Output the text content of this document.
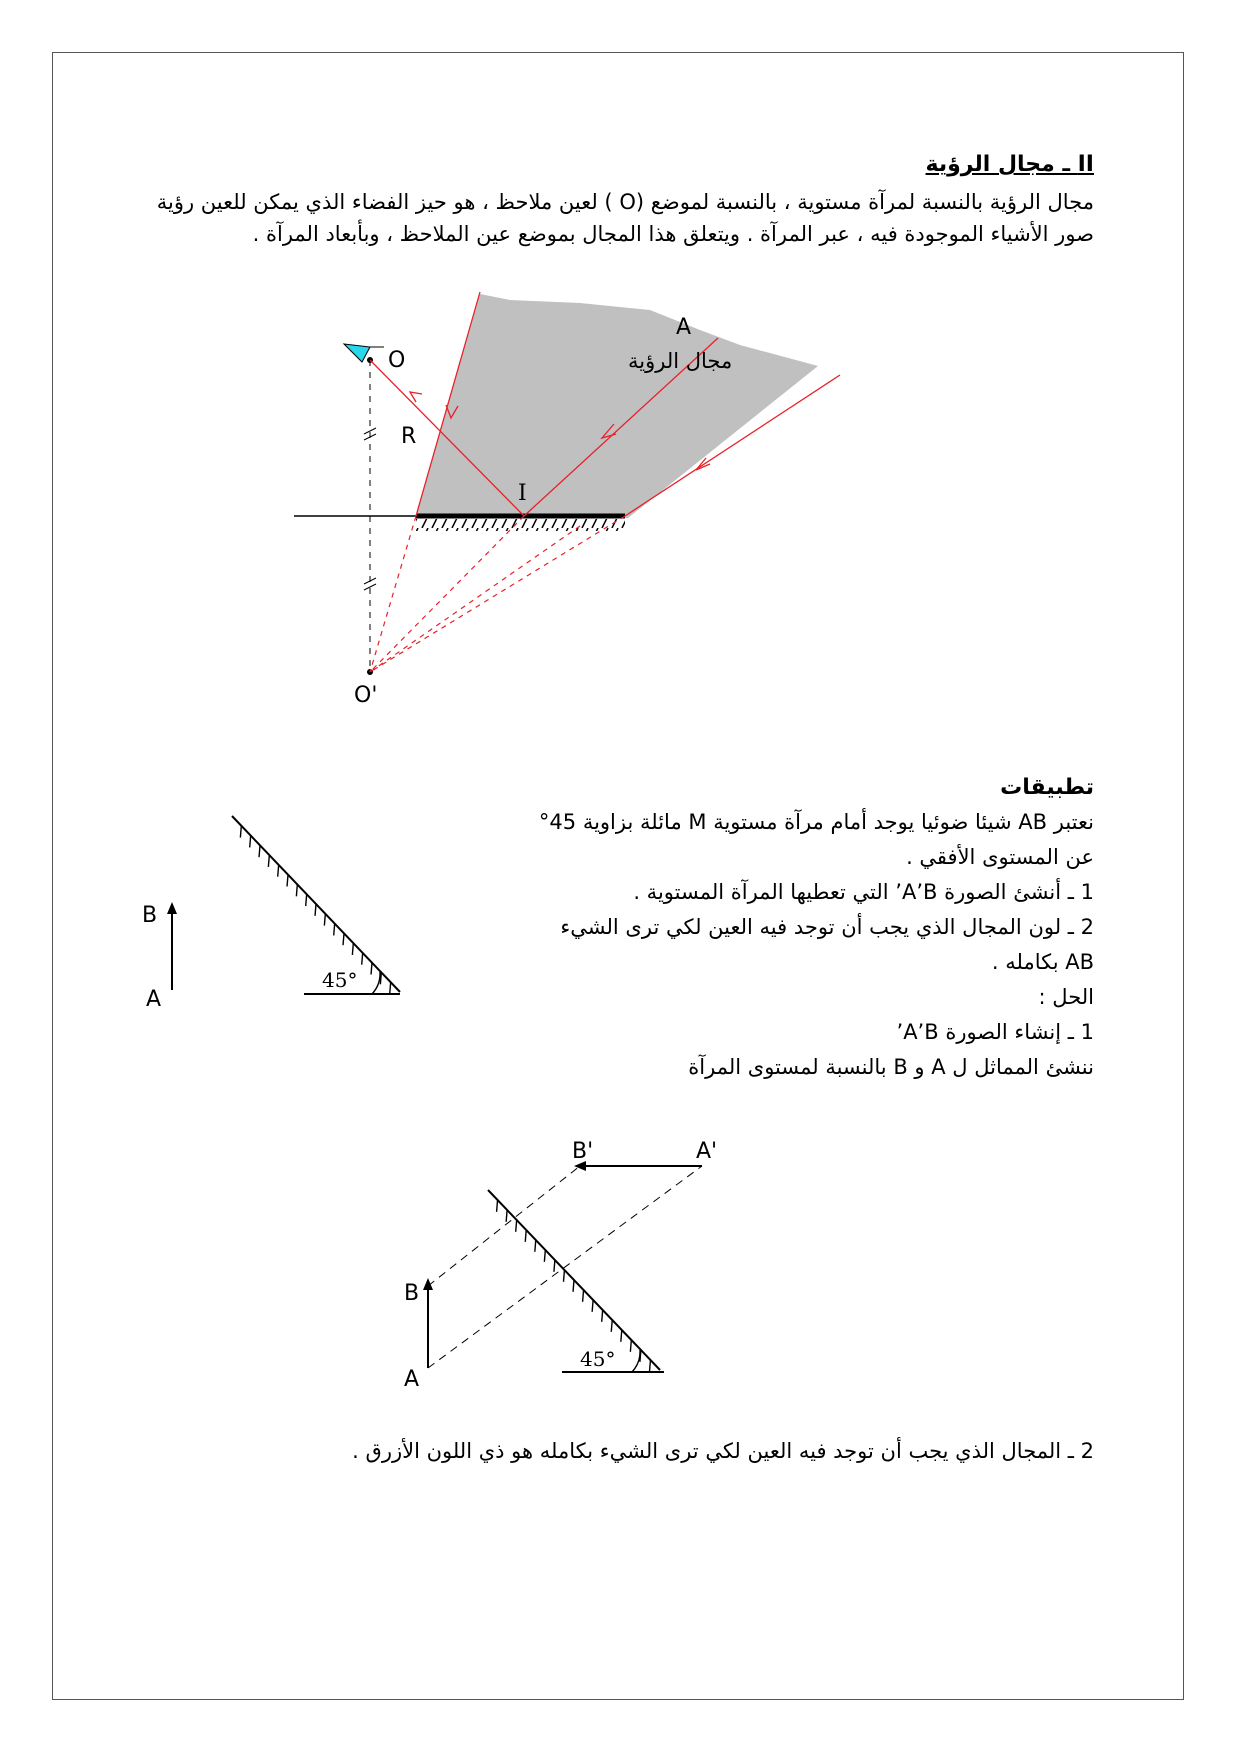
II ـ مجال الرؤية
مجال الرؤية بالنسبة لمرآة مستوية ، بالنسبة لموضع (O ) لعين ملاحظ ، هو حيز الفضاء الذي يمكن للعين رؤية صور الأشياء الموجودة فيه ، عبر المرآة . ويتعلق هذا المجال بموضع عين الملاحظ ، وبأبعاد المرآة .
مجال الرؤية
O
O'
A
R
I
تطبيقات
نعتبر AB شيئا ضوئيا يوجد أمام مرآة مستوية M مائلة بزاوية 45°
عن المستوى الأفقي .
1 ـ أنشئ الصورة A’B’ التي تعطيها المرآة المستوية .
2 ـ لون المجال الذي يجب أن توجد فيه العين لكي ترى الشيء
AB بكامله .
الحل :
1 ـ إنشاء الصورة A’B’
ننشئ المماثل ل A و B بالنسبة لمستوى المرآة
45°
B
A
45°
B
A
B'	A'
2 ـ المجال الذي يجب أن توجد فيه العين لكي ترى الشيء بكامله هو ذي اللون الأزرق .
